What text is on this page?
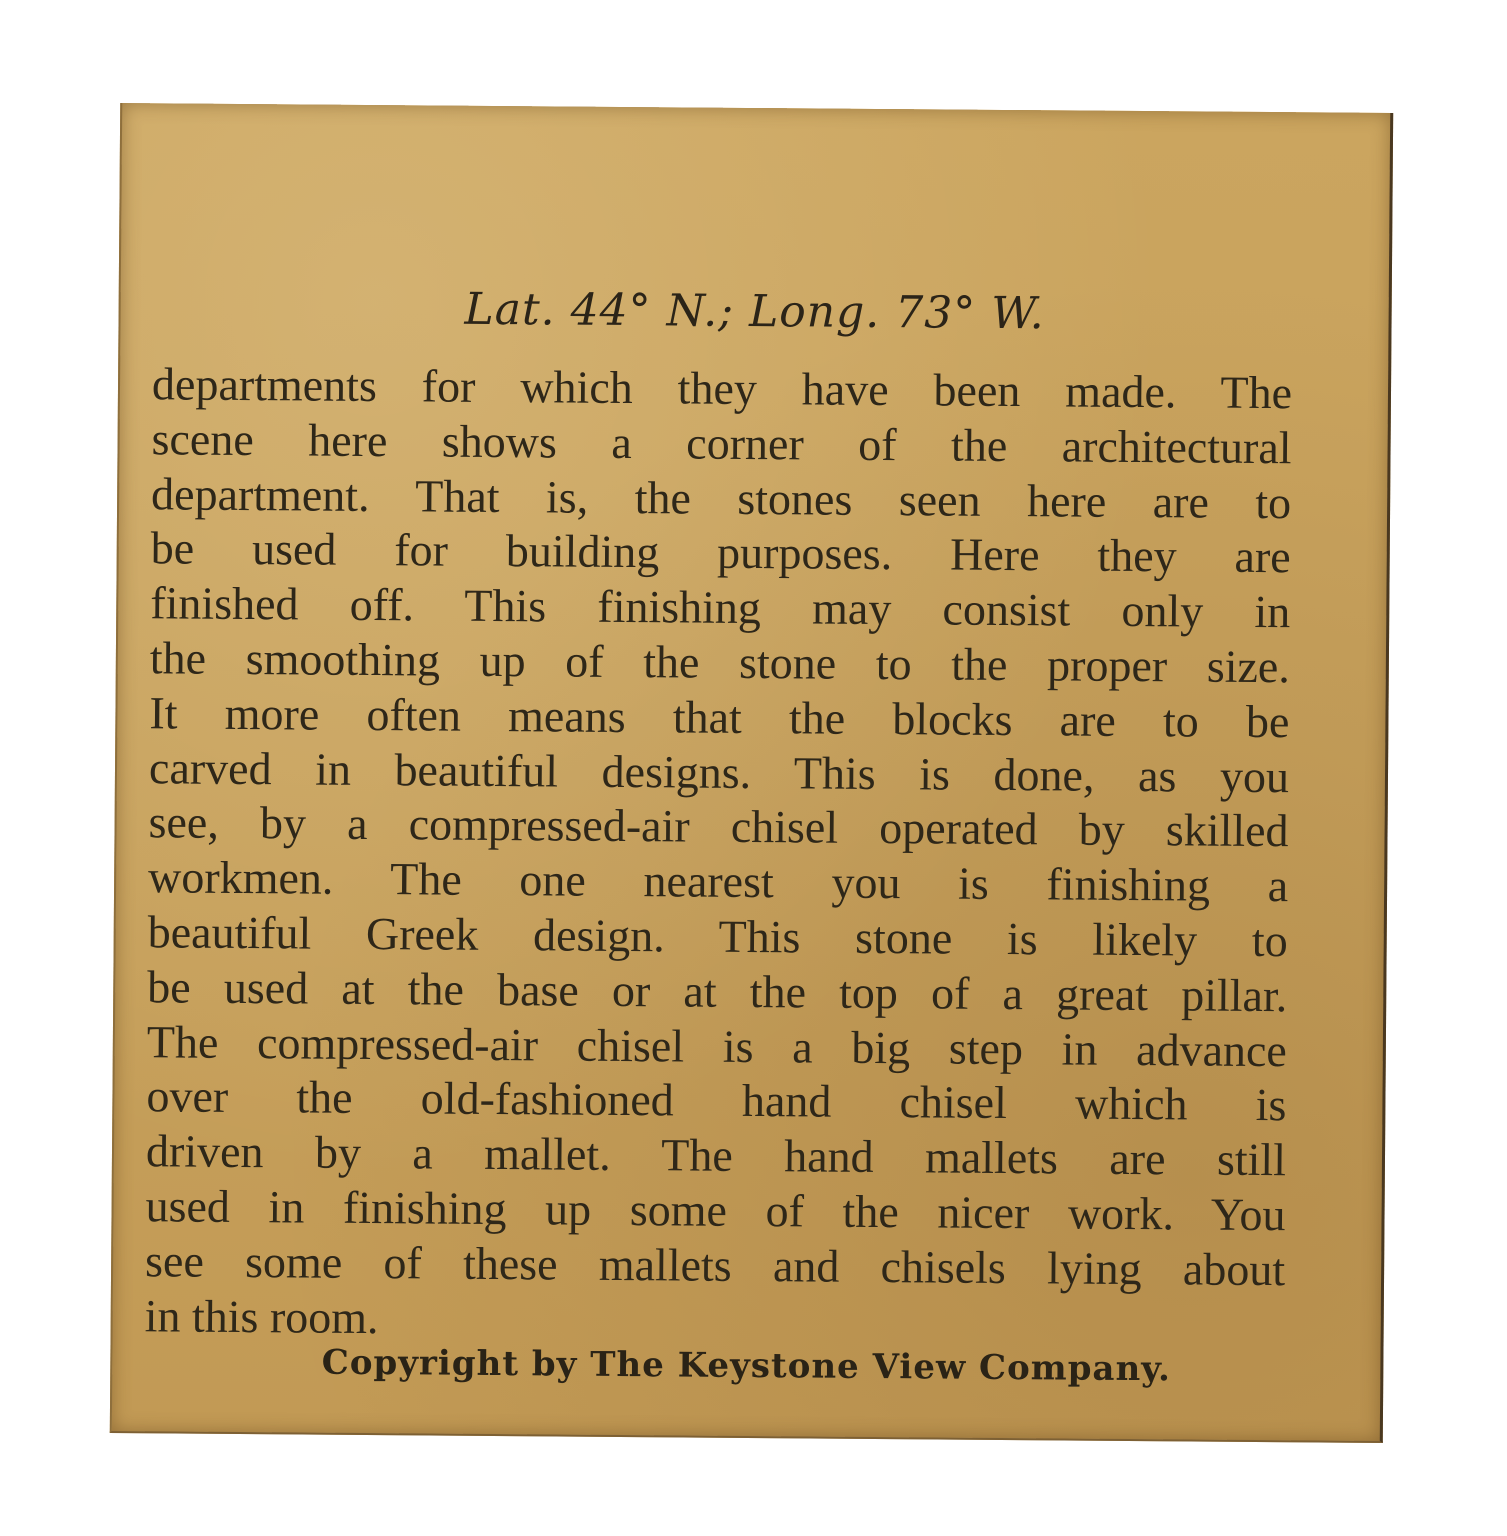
Lat. 44° N.; Long. 73° W.
departments for which they have been made. The
scene here shows a corner of the architectural
department. That is, the stones seen here are to
be used for building purposes. Here they are
finished off. This finishing may consist only in
the smoothing up of the stone to the proper size.
It more often means that the blocks are to be
carved in beautiful designs. This is done, as you
see, by a compressed-air chisel operated by skilled
workmen. The one nearest you is finishing a
beautiful Greek design. This stone is likely to
be used at the base or at the top of a great pillar.
The compressed-air chisel is a big step in advance
over the old-fashioned hand chisel which is
driven by a mallet. The hand mallets are still
used in finishing up some of the nicer work. You
see some of these mallets and chisels lying about
in this room.
Copyright by The Keystone View Company.
